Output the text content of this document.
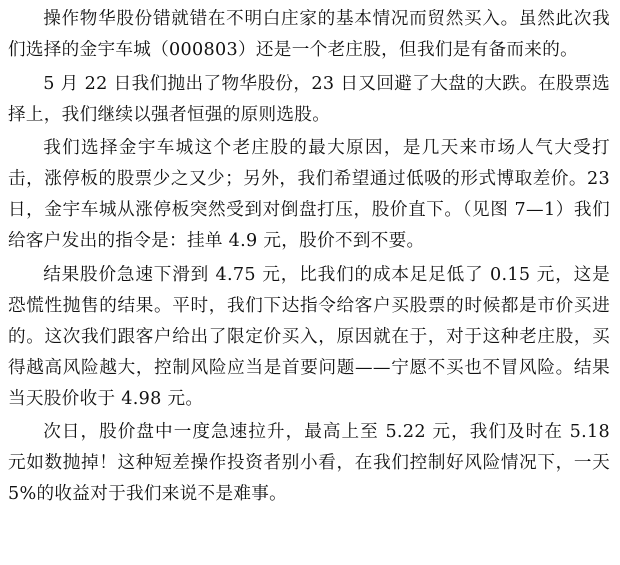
操作物华股份错就错在不明白庄家的基本情况而贸然买入。虽然此次我们选择的金宇车城（000803）还是一个老庄股，但我们是有备而来的。

5 月 22 日我们抛出了物华股份，23 日又回避了大盘的大跌。在股票选择上，我们继续以强者恒强的原则选股。

我们选择金宇车城这个老庄股的最大原因，是几天来市场人气大受打击，涨停板的股票少之又少；另外，我们希望通过低吸的形式博取差价。23 日，金宇车城从涨停板突然受到对倒盘打压，股价直下。（见图 7—1）我们给客户发出的指令是：挂单 4.9 元，股价不到不要。

结果股价急速下滑到 4.75 元，比我们的成本足足低了 0.15 元，这是恐慌性抛售的结果。平时，我们下达指令给客户买股票的时候都是市价买进的。这次我们跟客户给出了限定价买入，原因就在于，对于这种老庄股，买得越高风险越大，控制风险应当是首要问题——宁愿不买也不冒风险。结果当天股价收于 4.98 元。

次日，股价盘中一度急速拉升，最高上至 5.22 元，我们及时在 5.18 元如数抛掉！这种短差操作投资者别小看，在我们控制好风险情况下，一天 5%的收益对于我们来说不是难事。
